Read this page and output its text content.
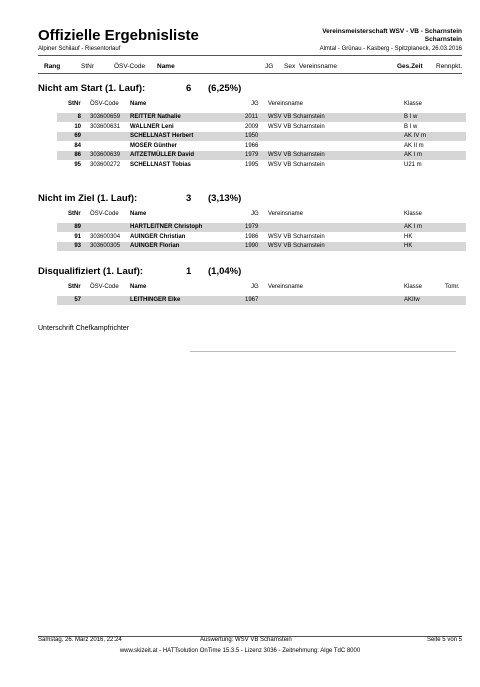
Offizielle Ergebnisliste	Vereinsmeisterschaft WSV - VB - Scharnstein
Scharnstein
Alpiner Schilauf - Riesentorlauf	Almtal - Grünau - Kasberg - Spitzplaneck, 26.03.2016
Rang	StNr	ÖSV-Code Name	JG Sex Vereinsname	Ges.Zeit Rennpkt.
Nicht am Start (1. Lauf):	6 (6,25%)
StNr ÖSV-Code Name	JG Vereinsname	Klasse
8 303600659 REITTER Nathalie	2011 WSV VB Scharnstein	B I w
10 303600631 WALLNER Leni	2009 WSV VB Scharnstein	B I w
69	SCHELLNAST Herbert	1950	AK IV m
84	MOSER Günther	1966	AK II m
86 303600639 AITZETMÜLLER David	1979 WSV VB Scharnstein	AK I m
95 303600272 SCHELLNAST Tobias	1995 WSV VB Scharnstein	U21 m
Nicht im Ziel (1. Lauf):	3 (3,13%)
StNr ÖSV-Code Name	JG Vereinsname	Klasse
89	HARTLEITNER Christoph	1979	AK I m
91 303600304 AUINGER Christian	1986 WSV VB Scharnstein	HK
93 303600305 AUINGER Florian	1990 WSV VB Scharnstein	HK
Disqualifiziert (1. Lauf):	1 (1,04%)
StNr ÖSV-Code Name	JG Vereinsname	Klasse	Tomr.
57	LEITHINGER Elke	1967	AKIIw
Unterschrift Chefkampfrichter
Samstag, 26. März 2016, 22:24	Auswertung: WSV VB Scharnstein	Seite 5 von 5
www.skizeit.at - HATTsolution OnTime 15.3.5 - Lizenz 3036 - Zeitnehmung: Alge TdC 8000
